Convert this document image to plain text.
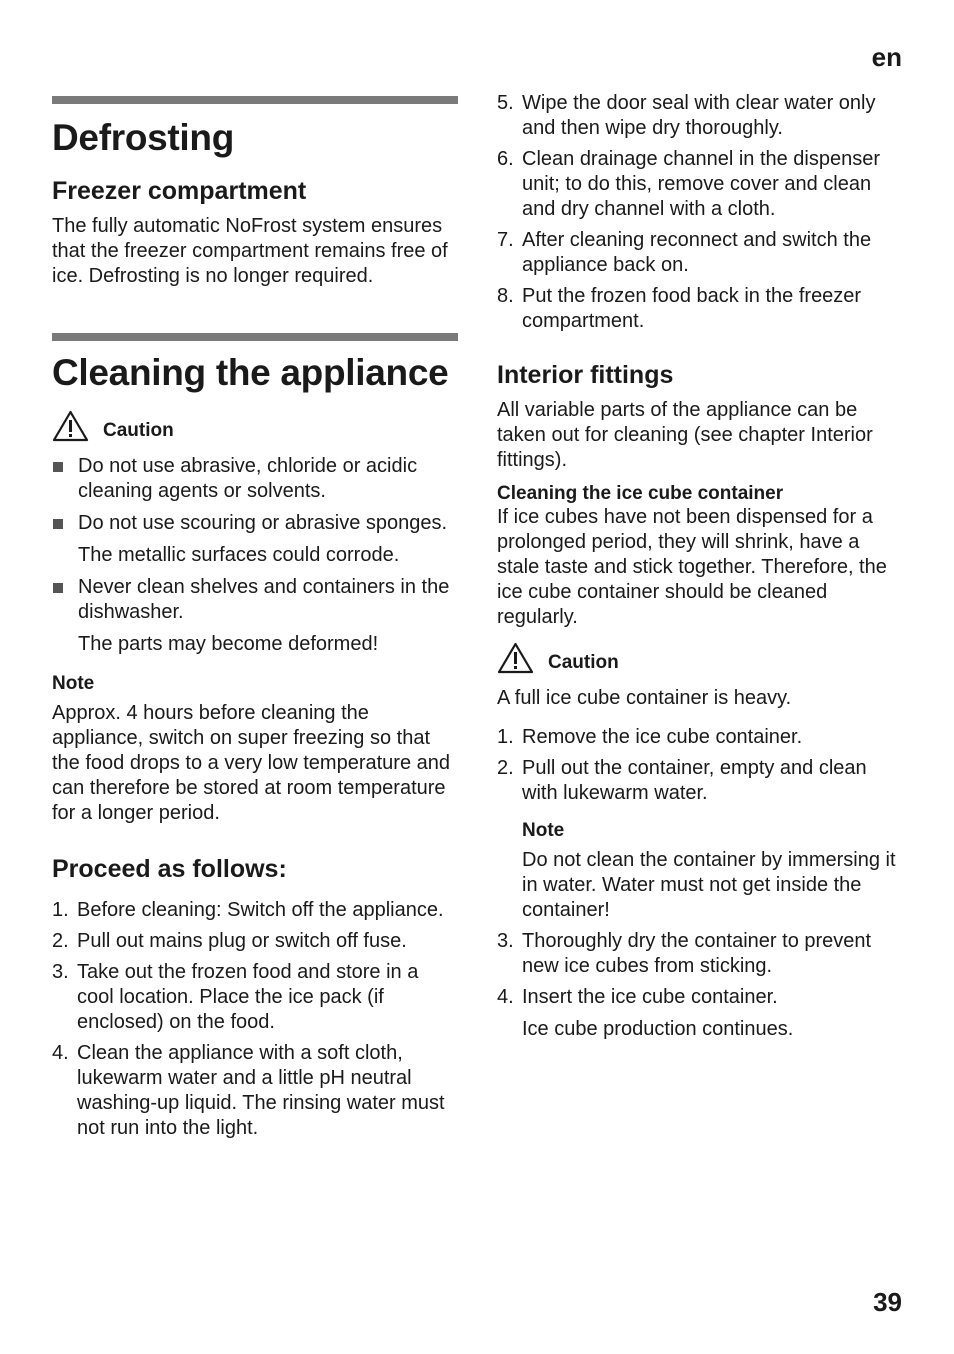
en
Defrosting
Freezer compartment

The fully automatic NoFrost system ensures that the freezer compartment remains free of ice. Defrosting is no longer required.

Cleaning the appliance
Caution
Do not use abrasive, chloride or acidic cleaning agents or solvents.
Do not use scouring or abrasive sponges.

The metallic surfaces could corrode.

Never clean shelves and containers in the dishwasher.

The parts may become deformed!

Note

Approx. 4 hours before cleaning the appliance, switch on super freezing so that the food drops to a very low temperature and can therefore be stored at room temperature for a longer period.

Proceed as follows:
1. Before cleaning: Switch off the appliance.
2. Pull out mains plug or switch off fuse.
3. Take out the frozen food and store in a cool location. Place the ice pack (if enclosed) on the food.
4. Clean the appliance with a soft cloth, lukewarm water and a little pH neutral washing-up liquid. The rinsing water must not run into the light.
5. Wipe the door seal with clear water only and then wipe dry thoroughly.
6. Clean drainage channel in the dispenser unit; to do this, remove cover and clean and dry channel with a cloth.
7. After cleaning reconnect and switch the appliance back on.
8. Put the frozen food back in the freezer compartment.
Interior fittings

All variable parts of the appliance can be taken out for cleaning (see chapter Interior fittings).

Cleaning the ice cube container

If ice cubes have not been dispensed for a prolonged period, they will shrink, have a stale taste and stick together. Therefore, the ice cube container should be cleaned regularly.

Caution

A full ice cube container is heavy.

1. Remove the ice cube container.
2. Pull out the container, empty and clean with lukewarm water.
Note

Do not clean the container by immersing it in water. Water must not get inside the container!

3. Thoroughly dry the container to prevent new ice cubes from sticking.
4. Insert the ice cube container.

Ice cube production continues.

39
